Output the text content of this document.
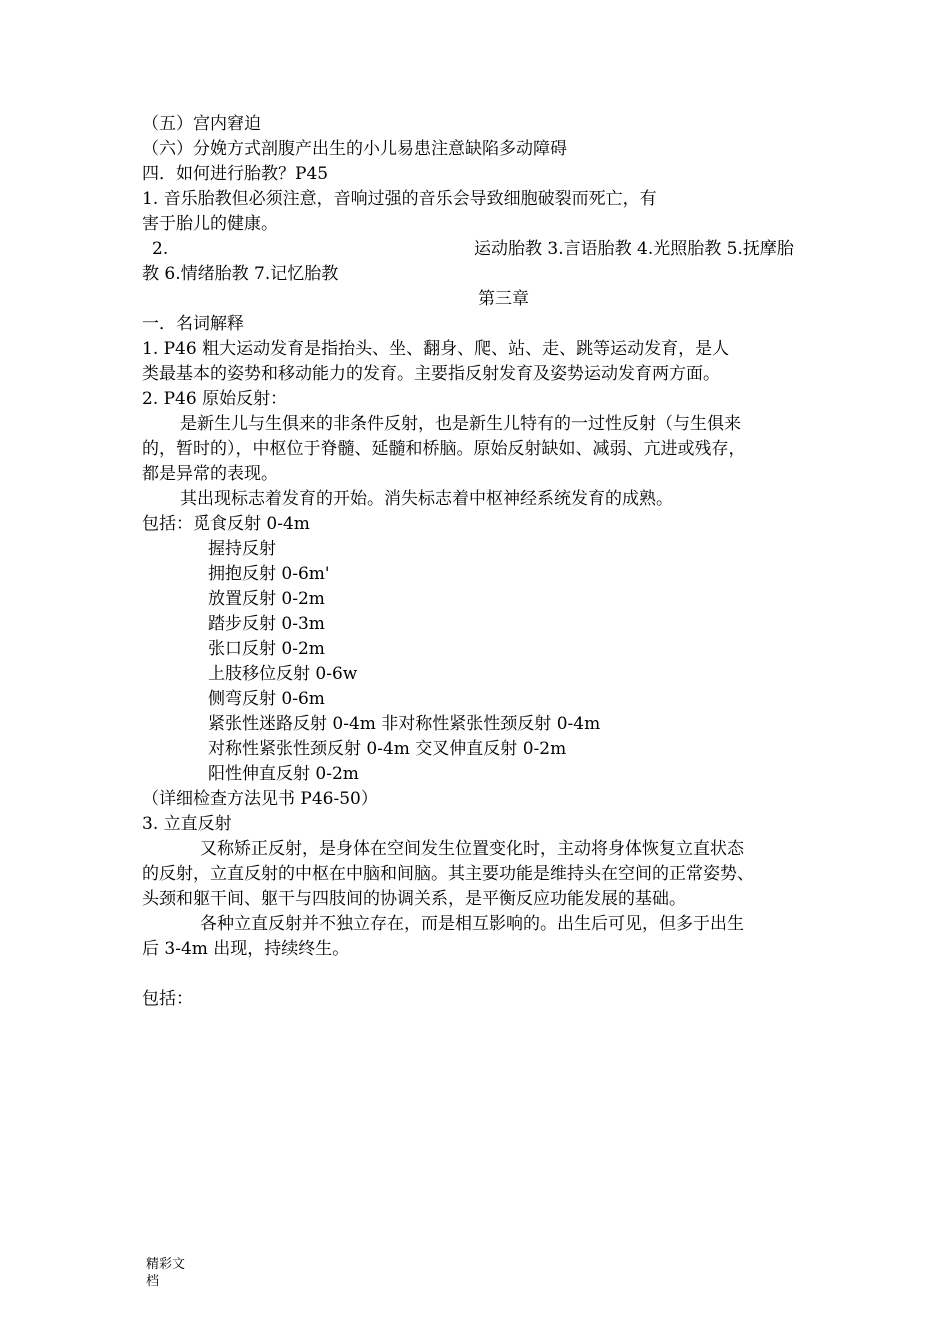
（五）宫内窘迫
（六）分娩方式剖腹产出生的小儿易患注意缺陷多动障碍
四．如何进行胎教？P45
1. 音乐胎教但必须注意，音响过强的音乐会导致细胞破裂而死亡，有
害于胎儿的健康。
2.	运动胎教 3.言语胎教 4.光照胎教 5.抚摩胎
教 6.情绪胎教 7.记忆胎教
第三章
一．名词解释
1. P46 粗大运动发育是指抬头、坐、翻身、爬、站、走、跳等运动发育，是人
类最基本的姿势和移动能力的发育。主要指反射发育及姿势运动发育两方面。
2. P46 原始反射：
是新生儿与生俱来的非条件反射，也是新生儿特有的一过性反射（与生俱来
的，暂时的），中枢位于脊髓、延髓和桥脑。原始反射缺如、减弱、亢进或残存，
都是异常的表现。
其出现标志着发育的开始。消失标志着中枢神经系统发育的成熟。
包括：觅食反射 0-4m
握持反射
拥抱反射 0-6m'
放置反射 0-2m
踏步反射 0-3m
张口反射 0-2m
上肢移位反射 0-6w
侧弯反射 0-6m
紧张性迷路反射 0-4m 非对称性紧张性颈反射 0-4m
对称性紧张性颈反射 0-4m 交叉伸直反射 0-2m
阳性伸直反射 0-2m
（详细检查方法见书 P46-50）
3. 立直反射
又称矫正反射，是身体在空间发生位置变化时，主动将身体恢复立直状态
的反射，立直反射的中枢在中脑和间脑。其主要功能是维持头在空间的正常姿势、
头颈和躯干间、躯干与四肢间的协调关系，是平衡反应功能发展的基础。
各种立直反射并不独立存在，而是相互影响的。出生后可见，但多于出生
后 3-4m 出现，持续终生。
包括：
精彩文
档
